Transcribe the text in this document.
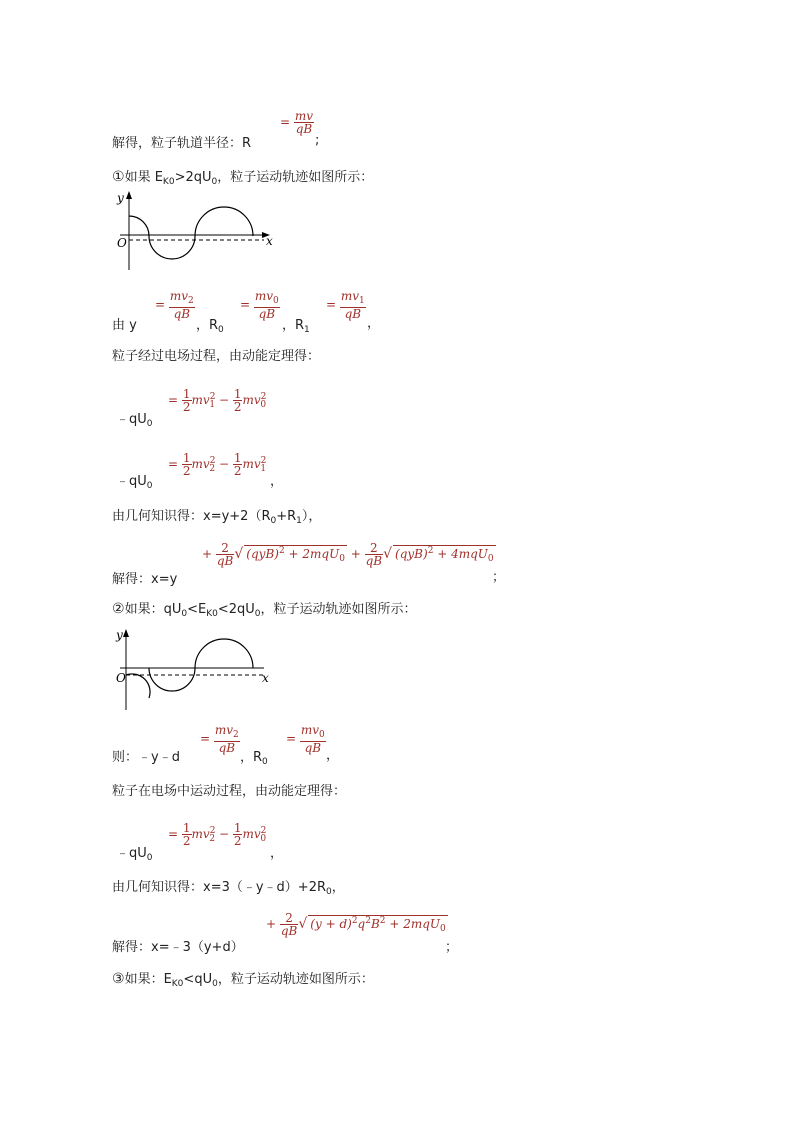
解得，粒子轨道半径：R
= $\frac{mv}{qB}$
;
①如果 $E_{K0}>2qU_0$，粒子运动轨迹如图所示：
y
O	x
由 y
= $\frac{mv_2}{qB}$
，$R_0$
= $\frac{mv_0}{qB}$
，$R_1$
= $\frac{mv_1}{qB}$
，
粒子经过电场过程，由动能定理得：
$﹣qU_0$
= $\frac{1}{2} mv^2_1 - \frac{1}{2} mv^2_0$
$﹣qU_0$
= $\frac{1}{2} mv^2_2 - \frac{1}{2} mv^2_1$
，
由几何知识得：$x=y+2(R_0+R_1)$，
解得：x=y
+ $\frac{2}{qB}$ √ $(qyB)^2 + 2mqU_0 + \frac{2}{qB}$ √ (qyB)$^2$ + 4mqU$_0$
；
②如果：$qU_0<E_{K0}<2qU_0$，粒子运动轨迹如图所示：
y
O	x
则：﹣y﹣d
= $\frac{mv_2}{qB}$
，$R_0$
= $\frac{mv_0}{qB}$
，
粒子在电场中运动过程，由动能定理得：
$﹣qU_0$
= $\frac{1}{2} mv^2_2 - \frac{1}{2} mv^2_0$
，
由几何知识得：$x=3(﹣y﹣d)+2R_0$，
解得：x=﹣3（y+d）
+ $\frac{2}{qB}$ √ $(y + d)^2q^2B^2 + 2mqU_0$
；
③如果：$E_{K0}<qU_0$，粒子运动轨迹如图所示：
